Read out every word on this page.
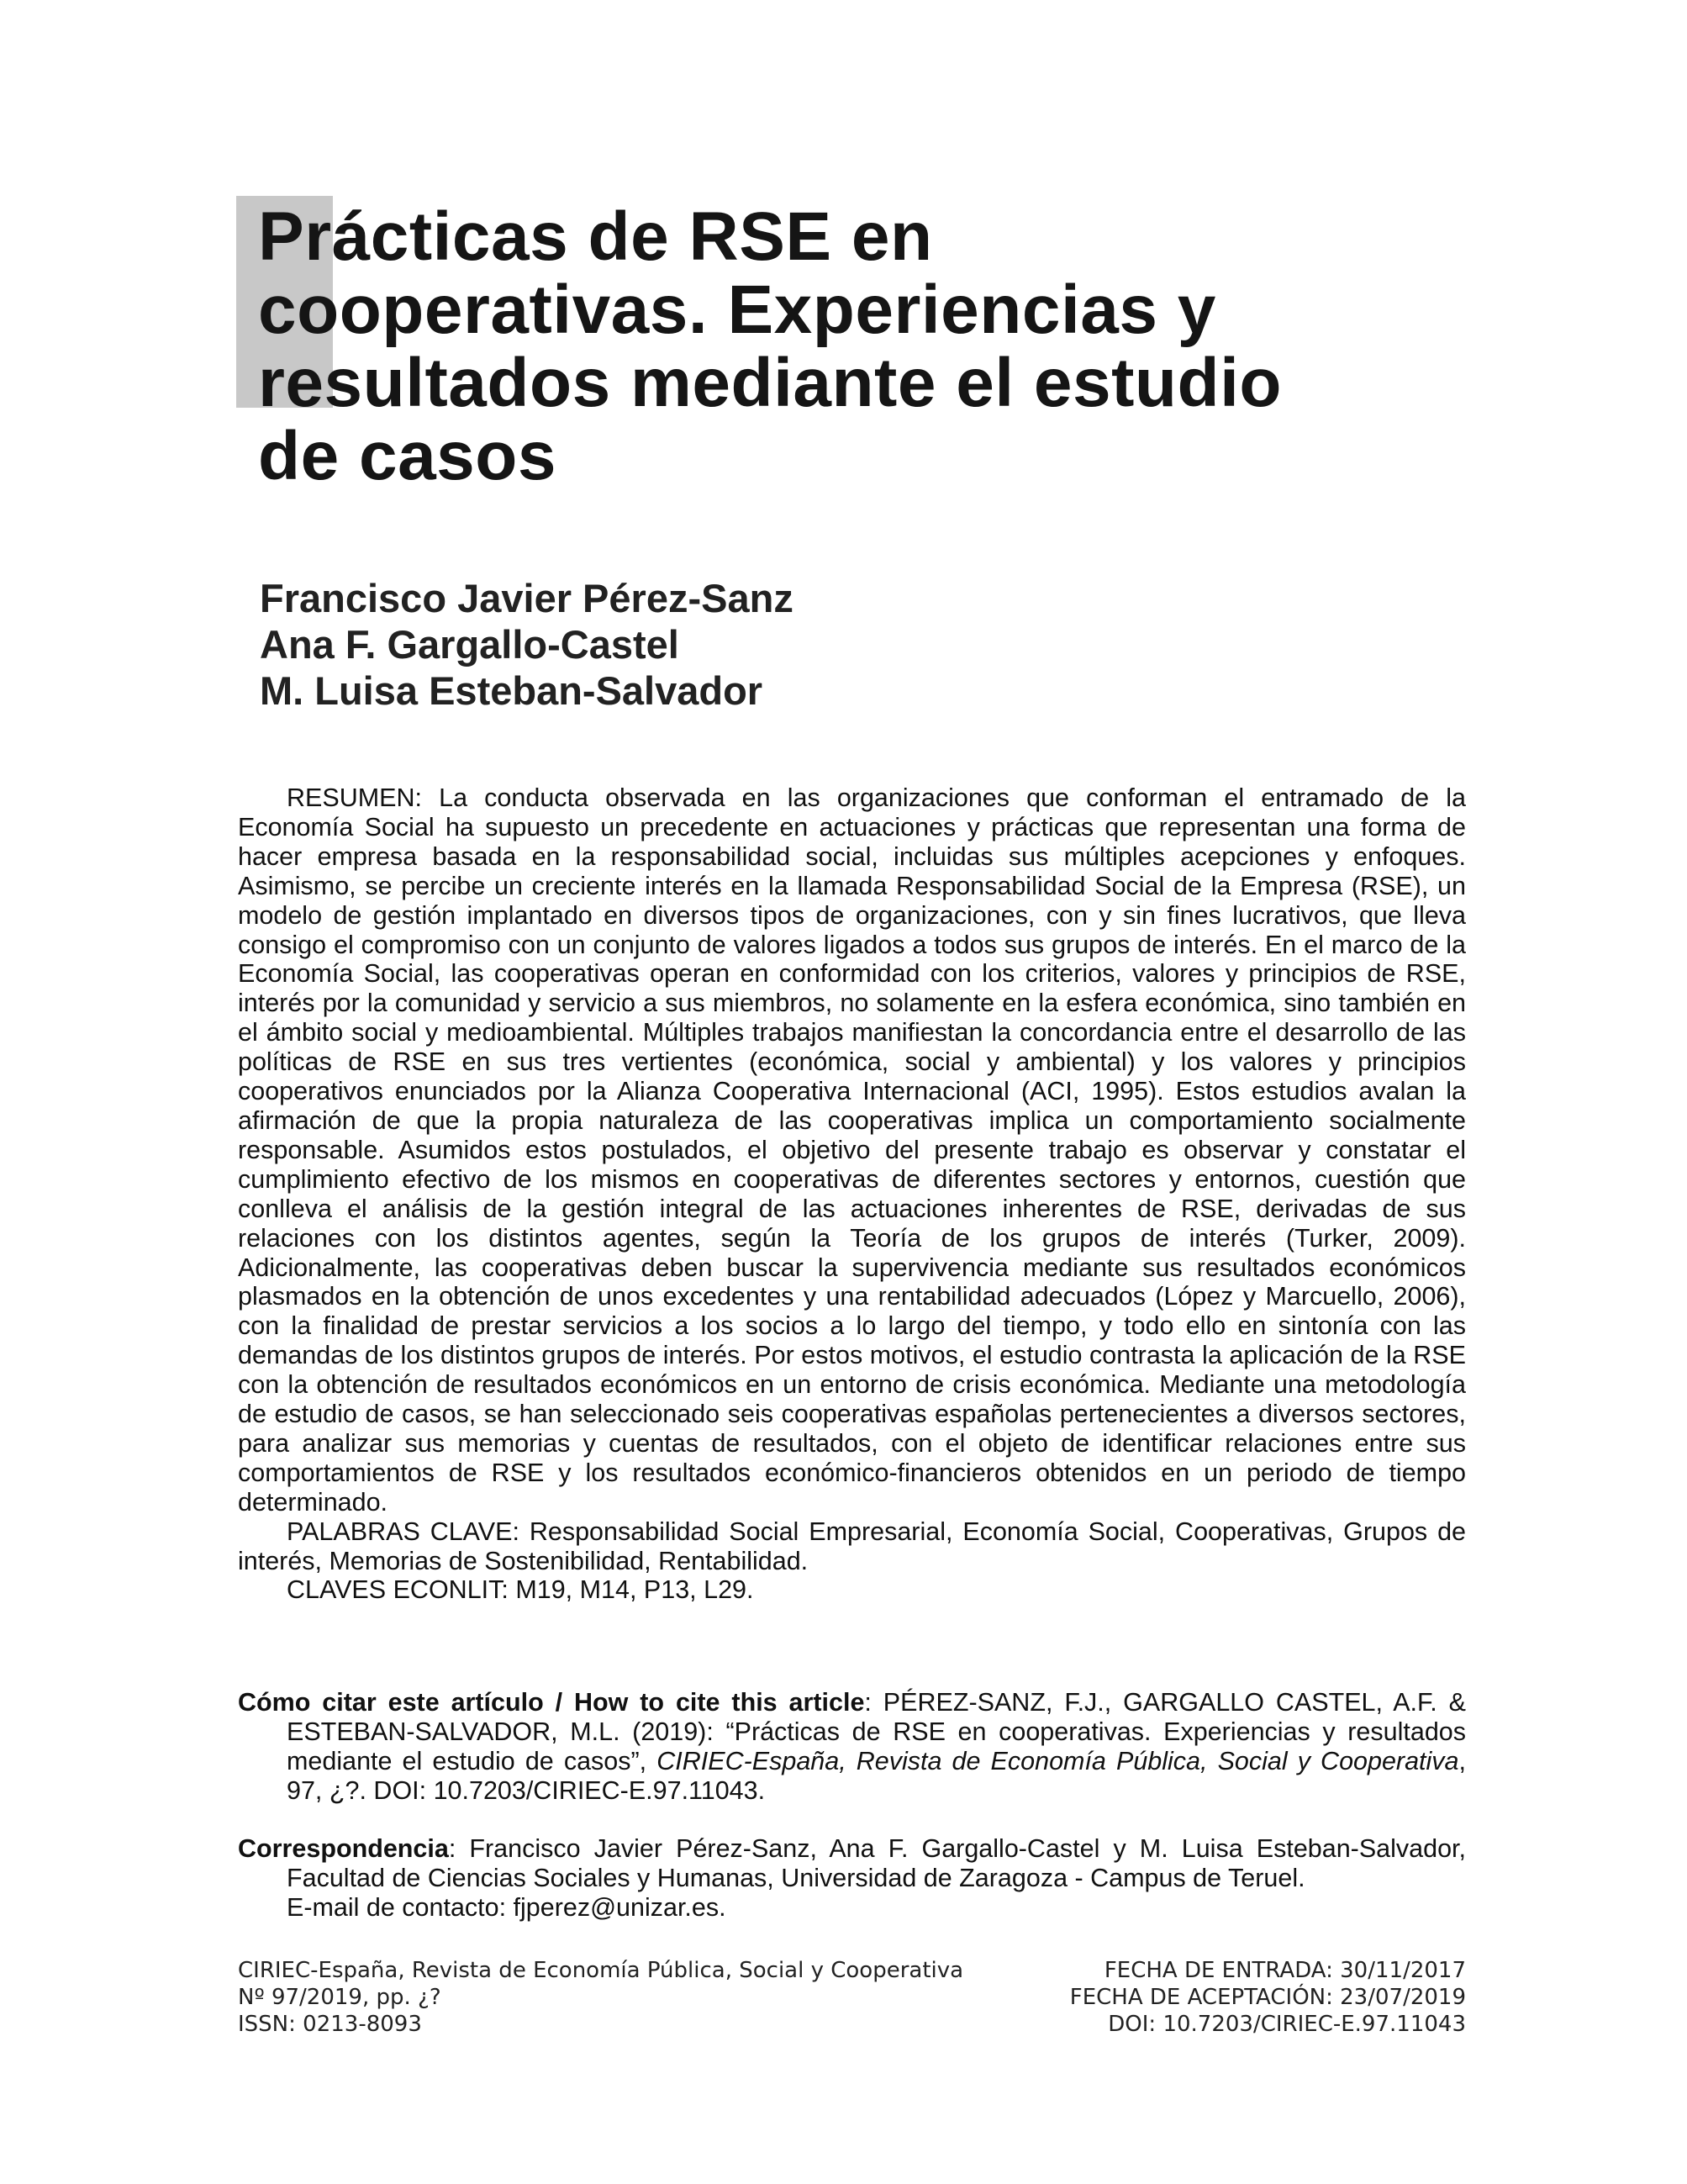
Prácticas de RSE en
cooperativas. Experiencias y
resultados mediante el estudio
de casos
Francisco Javier Pérez-Sanz
Ana F. Gargallo-Castel
M. Luisa Esteban-Salvador

RESUMEN: La conducta observada en las organizaciones que conforman el entramado de la Economía Social ha supuesto un precedente en actuaciones y prácticas que representan una forma de hacer empresa basada en la responsabilidad social, incluidas sus múltiples acepciones y enfoques. Asimismo, se percibe un creciente interés en la llamada Responsabilidad Social de la Empresa (RSE), un modelo de gestión implantado en diversos tipos de organizaciones, con y sin fines lucrativos, que lleva consigo el compromiso con un conjunto de valores ligados a todos sus grupos de interés. En el marco de la Economía Social, las cooperativas operan en conformidad con los criterios, valores y principios de RSE, interés por la comunidad y servicio a sus miembros, no solamente en la esfera económica, sino también en el ámbito social y medioambiental. Múltiples trabajos manifiestan la concordancia entre el desarrollo de las políticas de RSE en sus tres vertientes (económica, social y ambiental) y los valores y principios cooperativos enunciados por la Alianza Cooperativa Internacional (ACI, 1995). Estos estudios avalan la afirmación de que la propia naturaleza de las cooperativas implica un comportamiento socialmente responsable. Asumidos estos postulados, el objetivo del presente trabajo es observar y constatar el cumplimiento efectivo de los mismos en cooperativas de diferentes sectores y entornos, cuestión que conlleva el análisis de la gestión integral de las actuaciones inherentes de RSE, derivadas de sus relaciones con los distintos agentes, según la Teoría de los grupos de interés (Turker, 2009). Adicionalmente, las cooperativas deben buscar la supervivencia mediante sus resultados económicos plasmados en la obtención de unos excedentes y una rentabilidad adecuados (López y Marcuello, 2006), con la finalidad de prestar servicios a los socios a lo largo del tiempo, y todo ello en sintonía con las demandas de los distintos grupos de interés. Por estos motivos, el estudio contrasta la aplicación de la RSE con la obtención de resultados económicos en un entorno de crisis económica. Mediante una metodología de estudio de casos, se han seleccionado seis cooperativas españolas pertenecientes a diversos sectores, para analizar sus memorias y cuentas de resultados, con el objeto de identificar relaciones entre sus comportamientos de RSE y los resultados económico-financieros obtenidos en un periodo de tiempo determinado.

PALABRAS CLAVE: Responsabilidad Social Empresarial, Economía Social, Cooperativas, Grupos de interés, Memorias de Sostenibilidad, Rentabilidad.

CLAVES ECONLIT: M19, M14, P13, L29.

Cómo citar este artículo / How to cite this article: PÉREZ-SANZ, F.J., GARGALLO CASTEL, A.F. & ESTEBAN-SALVADOR, M.L. (2019): “Prácticas de RSE en cooperativas. Experiencias y resultados mediante el estudio de casos”, CIRIEC-España, Revista de Economía Pública, Social y Cooperativa, 97, ¿?. DOI: 10.7203/CIRIEC-E.97.11043.
Correspondencia: Francisco Javier Pérez-Sanz, Ana F. Gargallo-Castel y M. Luisa Esteban-Salvador, Facultad de Ciencias Sociales y Humanas, Universidad de Zaragoza - Campus de Teruel.
E-mail de contacto: fjperez@unizar.es.
CIRIEC-España, Revista de Economía Pública, Social y Cooperativa
Nº 97/2019, pp. ¿?
ISSN: 0213-8093
FECHA DE ENTRADA: 30/11/2017
FECHA DE ACEPTACIÓN: 23/07/2019
DOI: 10.7203/CIRIEC-E.97.11043
